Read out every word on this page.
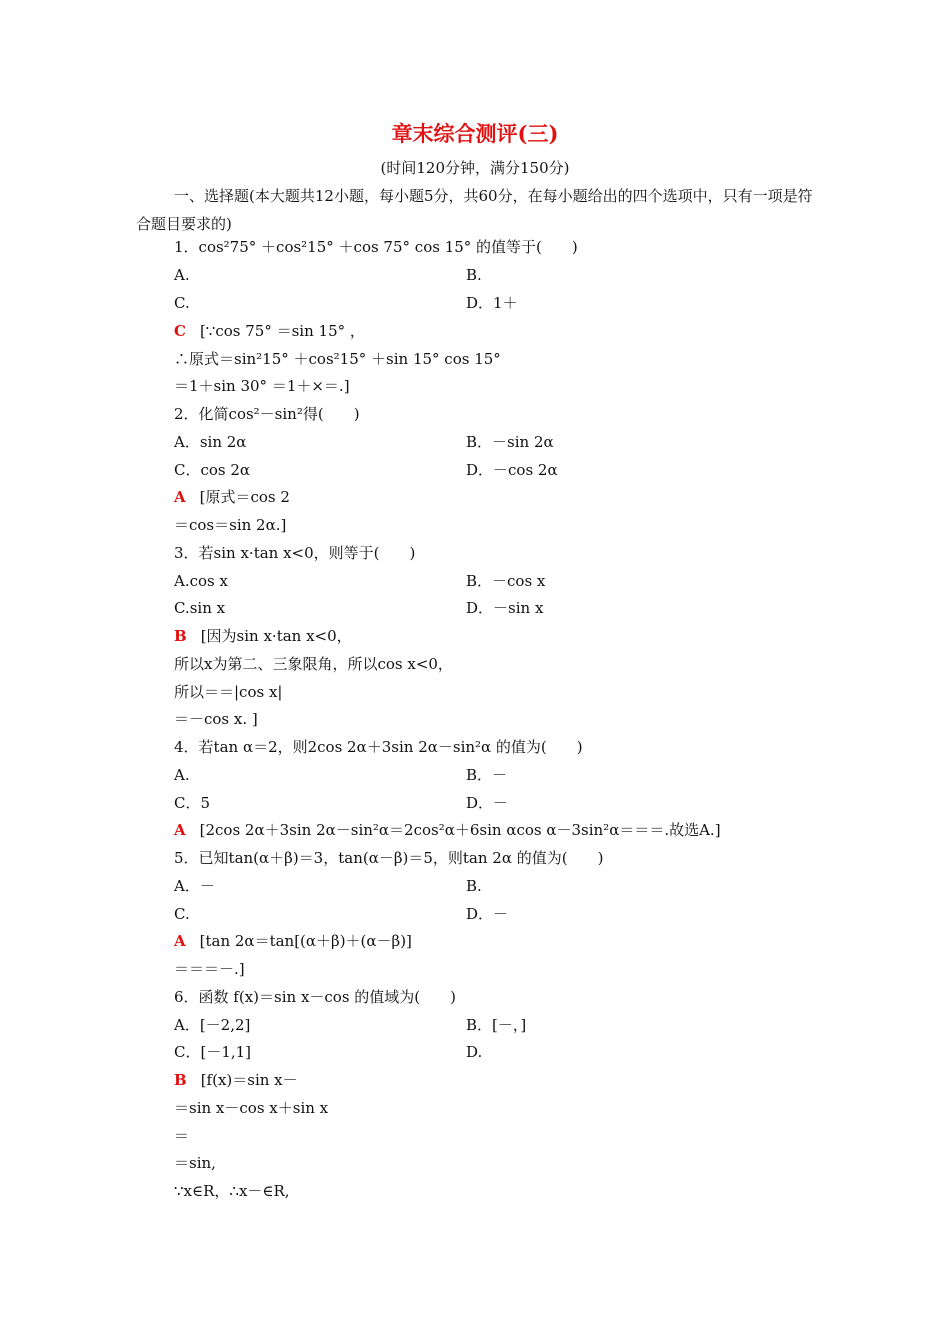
章末综合测评(三)
(时间120分钟，满分150分)
一、选择题(本大题共12小题，每小题5分，共60分，在每小题给出的四个选项中，只有一项是符合题目要求的)
1．cos²75° ＋cos²15° ＋cos 75° cos 15° 的值等于(　　)
A.	B.
C.	D．1＋
C [∵cos 75° ＝sin 15° ，
∴原式＝sin²15° ＋cos²15° ＋sin 15° cos 15°
＝1＋sin 30° ＝1＋×＝.]
2．化简cos²－sin²得(　　)
A．sin 2α	B．－sin 2α
C．cos 2α	D．－cos 2α
A [原式＝cos 2
＝cos＝sin 2α.]
3．若sin x·tan x<0，则等于(　　)
A.cos x	B．－cos x
C.sin x	D．－sin x
B [因为sin x·tan x<0，
所以x为第二、三象限角，所以cos x<0，
所以＝＝|cos x|
＝－cos x. ]
4．若tan α＝2，则2cos 2α＋3sin 2α－sin²α 的值为(　　)
A.	B．－
C．5	D．－
A [2cos 2α＋3sin 2α－sin²α＝2cos²α＋6sin αcos α－3sin²α＝＝＝.故选A.]
5．已知tan(α＋β)＝3，tan(α－β)＝5，则tan 2α 的值为(　　)
A．－	B.
C.	D．－
A [tan 2α＝tan[(α＋β)＋(α－β)]
＝＝＝－.]
6．函数 f(x)＝sin x－cos 的值域为(　　)
A．[－2,2]	B．[－，]
C．[－1,1]	D.
B [f(x)＝sin x－
＝sin x－cos x＋sin x
＝
＝sin,
∵x∈R，∴x－∈R,
